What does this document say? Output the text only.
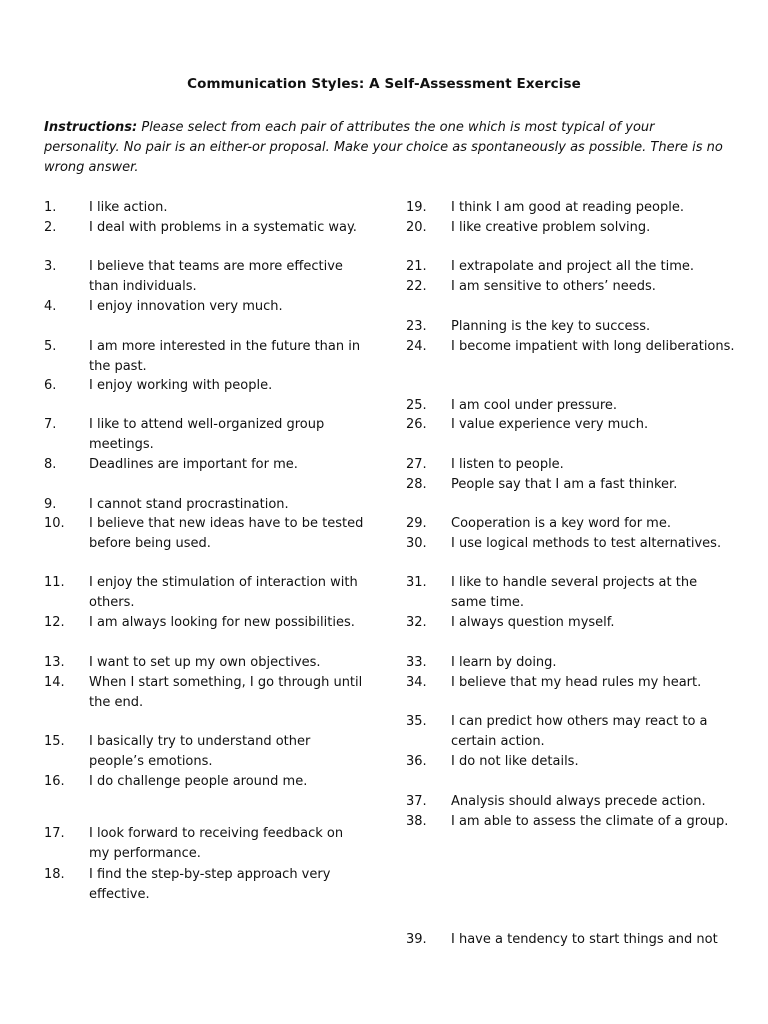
Communication Styles: A Self-Assessment Exercise
Instructions: Please select from each pair of attributes the one which is most typical of your personality. No pair is an either-or proposal. Make your choice as spontaneously as possible. There is no wrong answer.
1.	I like action.
2.	I deal with problems in a systematic way.
3.	I believe that teams are more effective than individuals.
4.	I enjoy innovation very much.
5.	I am more interested in the future than in the past.
6.	I enjoy working with people.
7.	I like to attend well-organized group meetings.
8.	Deadlines are important for me.
9.	I cannot stand procrastination.
10. I believe that new ideas have to be tested before being used.
11. I enjoy the stimulation of interaction with others.
12. I am always looking for new possibilities.
13. I want to set up my own objectives.
14. When I start something, I go through until the end.
15. I basically try to understand other people’s emotions.
16. I do challenge people around me.
17. I look forward to receiving feedback on my performance.
18. I find the step-by-step approach very effective.
19. I think I am good at reading people.
20. I like creative problem solving.
21. I extrapolate and project all the time.
22. I am sensitive to others’ needs.
23. Planning is the key to success.
24. I become impatient with long deliberations.
25. I am cool under pressure.
26. I value experience very much.
27. I listen to people.
28. People say that I am a fast thinker.
29. Cooperation is a key word for me.
30. I use logical methods to test alternatives.
31. I like to handle several projects at the same time.
32. I always question myself.
33. I learn by doing.
34. I believe that my head rules my heart.
35. I can predict how others may react to a certain action.
36. I do not like details.
37. Analysis should always precede action.
38. I am able to assess the climate of a group.
39. I have a tendency to start things and not
